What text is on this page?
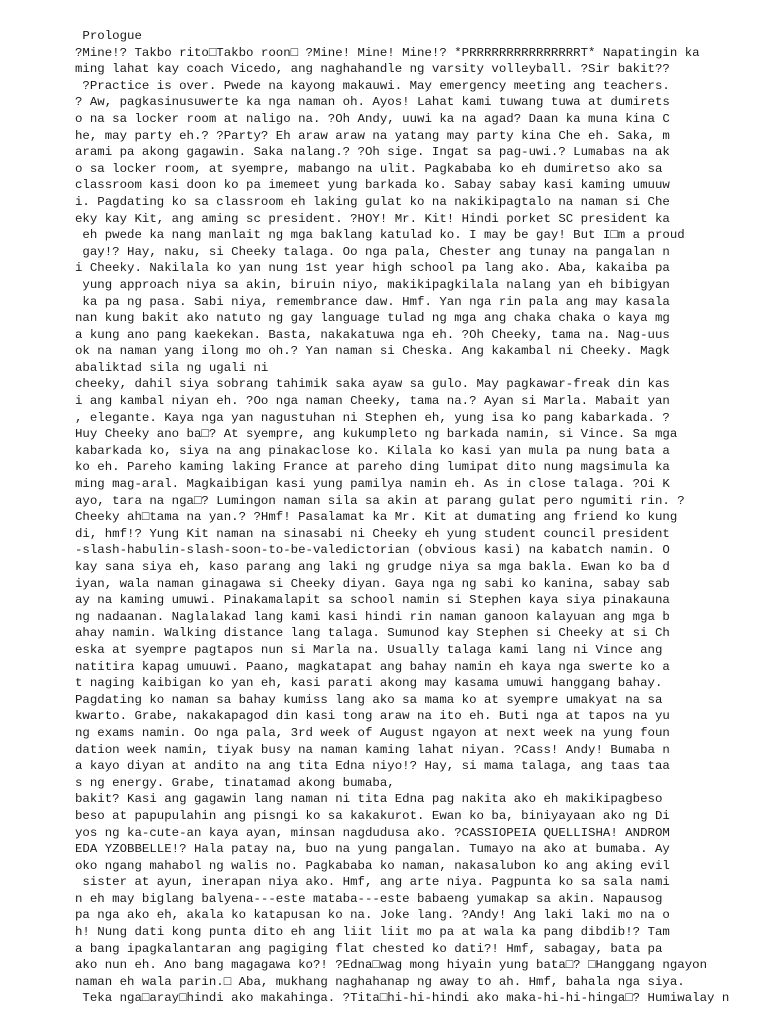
Prologue
?Mine!? Takbo rito□Takbo roon□ ?Mine! Mine! Mine!? *PRRRRRRRRRRRRRRRT* Napatingin ka
ming lahat kay coach Vicedo, ang naghahandle ng varsity volleyball. ?Sir bakit??
?Practice is over. Pwede na kayong makauwi. May emergency meeting ang teachers.
? Aw, pagkasinusuwerte ka nga naman oh. Ayos! Lahat kami tuwang tuwa at dumirets
o na sa locker room at naligo na. ?Oh Andy, uuwi ka na agad? Daan ka muna kina C
he, may party eh.? ?Party? Eh araw araw na yatang may party kina Che eh. Saka, m
arami pa akong gagawin. Saka nalang.? ?Oh sige. Ingat sa pag-uwi.? Lumabas na ak
o sa locker room, at syempre, mabango na ulit. Pagkababa ko eh dumiretso ako sa
classroom kasi doon ko pa imemeet yung barkada ko. Sabay sabay kasi kaming umuuw
i. Pagdating ko sa classroom eh laking gulat ko na nakikipagtalo na naman si Che
eky kay Kit, ang aming sc president. ?HOY! Mr. Kit! Hindi porket SC president ka
eh pwede ka nang manlait ng mga baklang katulad ko. I may be gay! But I□m a proud
gay!? Hay, naku, si Cheeky talaga. Oo nga pala, Chester ang tunay na pangalan n
i Cheeky. Nakilala ko yan nung 1st year high school pa lang ako. Aba, kakaiba pa
yung approach niya sa akin, biruin niyo, makikipagkilala nalang yan eh bibigyan
ka pa ng pasa. Sabi niya, remembrance daw. Hmf. Yan nga rin pala ang may kasala
nan kung bakit ako natuto ng gay language tulad ng mga ang chaka chaka o kaya mg
a kung ano pang kaekekan. Basta, nakakatuwa nga eh. ?Oh Cheeky, tama na. Nag-uus
ok na naman yang ilong mo oh.? Yan naman si Cheska. Ang kakambal ni Cheeky. Magk
abaliktad sila ng ugali ni
cheeky, dahil siya sobrang tahimik saka ayaw sa gulo. May pagkawar-freak din kas
i ang kambal niyan eh. ?Oo nga naman Cheeky, tama na.? Ayan si Marla. Mabait yan
, elegante. Kaya nga yan nagustuhan ni Stephen eh, yung isa ko pang kabarkada. ?
Huy Cheeky ano ba□? At syempre, ang kukumpleto ng barkada namin, si Vince. Sa mga
kabarkada ko, siya na ang pinakaclose ko. Kilala ko kasi yan mula pa nung bata a
ko eh. Pareho kaming laking France at pareho ding lumipat dito nung magsimula ka
ming mag-aral. Magkaibigan kasi yung pamilya namin eh. As in close talaga. ?Oi K
ayo, tara na nga□? Lumingon naman sila sa akin at parang gulat pero ngumiti rin. ?
Cheeky ah□tama na yan.? ?Hmf! Pasalamat ka Mr. Kit at dumating ang friend ko kung
di, hmf!? Yung Kit naman na sinasabi ni Cheeky eh yung student council president
-slash-habulin-slash-soon-to-be-valedictorian (obvious kasi) na kabatch namin. O
kay sana siya eh, kaso parang ang laki ng grudge niya sa mga bakla. Ewan ko ba d
iyan, wala naman ginagawa si Cheeky diyan. Gaya nga ng sabi ko kanina, sabay sab
ay na kaming umuwi. Pinakamalapit sa school namin si Stephen kaya siya pinakauna
ng nadaanan. Naglalakad lang kami kasi hindi rin naman ganoon kalayuan ang mga b
ahay namin. Walking distance lang talaga. Sumunod kay Stephen si Cheeky at si Ch
eska at syempre pagtapos nun si Marla na. Usually talaga kami lang ni Vince ang
natitira kapag umuuwi. Paano, magkatapat ang bahay namin eh kaya nga swerte ko a
t naging kaibigan ko yan eh, kasi parati akong may kasama umuwi hanggang bahay.
Pagdating ko naman sa bahay kumiss lang ako sa mama ko at syempre umakyat na sa
kwarto. Grabe, nakakapagod din kasi tong araw na ito eh. Buti nga at tapos na yu
ng exams namin. Oo nga pala, 3rd week of August ngayon at next week na yung foun
dation week namin, tiyak busy na naman kaming lahat niyan. ?Cass! Andy! Bumaba n
a kayo diyan at andito na ang tita Edna niyo!? Hay, si mama talaga, ang taas taa
s ng energy. Grabe, tinatamad akong bumaba,
bakit? Kasi ang gagawin lang naman ni tita Edna pag nakita ako eh makikipagbeso
beso at papupulahin ang pisngi ko sa kakakurot. Ewan ko ba, biniyayaan ako ng Di
yos ng ka-cute-an kaya ayan, minsan nagdudusa ako. ?CASSIOPEIA QUELLISHA! ANDROM
EDA YZOBBELLE!? Hala patay na, buo na yung pangalan. Tumayo na ako at bumaba. Ay
oko ngang mahabol ng walis no. Pagkababa ko naman, nakasalubon ko ang aking evil
sister at ayun, inerapan niya ako. Hmf, ang arte niya. Pagpunta ko sa sala nami
n eh may biglang balyena---este mataba---este babaeng yumakap sa akin. Napausog
pa nga ako eh, akala ko katapusan ko na. Joke lang. ?Andy! Ang laki laki mo na o
h! Nung dati kong punta dito eh ang liit liit mo pa at wala ka pang dibdib!? Tam
a bang ipagkalantaran ang pagiging flat chested ko dati?! Hmf, sabagay, bata pa
ako nun eh. Ano bang magagawa ko?! ?Edna□wag mong hiyain yung bata□? □Hanggang ngayon
naman eh wala parin.□ Aba, mukhang naghahanap ng away to ah. Hmf, bahala nga siya.
Teka nga□aray□hindi ako makahinga. ?Tita□hi-hi-hindi ako maka-hi-hi-hinga□? Humiwalay n
